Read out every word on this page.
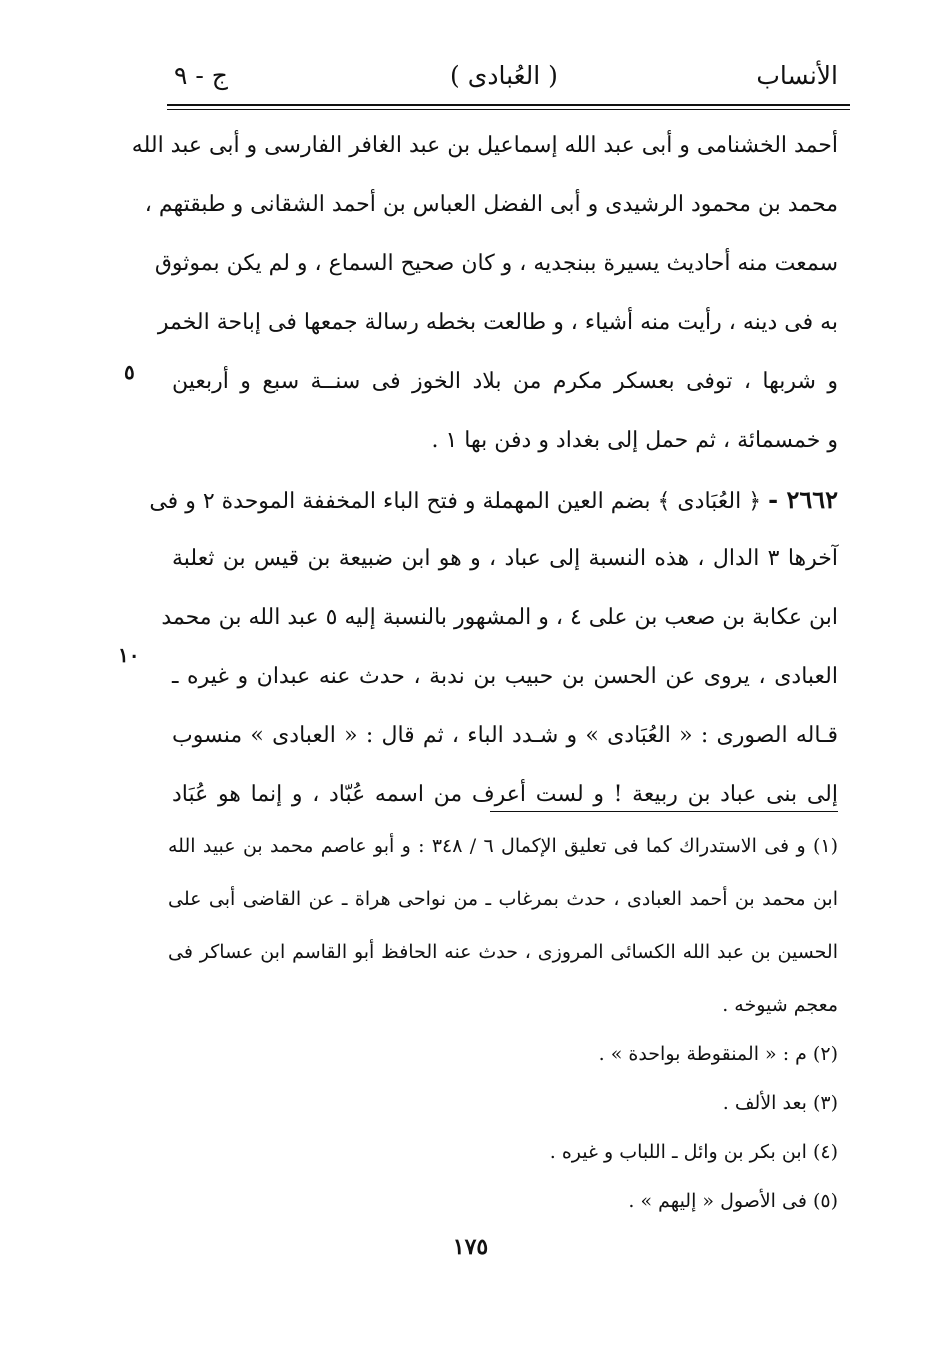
الأنساب
( العُبادى )
ج - ٩
أحمد الخشنامى و أبى عبد الله إسماعيل بن عبد الغافر الفارسى و أبى عبد الله
محمد بن محمود الرشيدى و أبى الفضل العباس بن أحمد الشقانى و طبقتهم ،
سمعت منه أحاديث يسيرة ببنجديه ، و كان صحيح السماع ، و لم يكن بموثوق
به فى دينه ، رأيت منه أشياء ، و طالعت بخطه رسالة جمعها فى إباحة الخمر
و شربها ، توفى بعسكر مكرم من بلاد الخوز فى سنــة سبع و أربعين
و خمسمائة ، ثم حمل إلى بغداد و دفن بها ١ .
٢٦٦٢ - ﴿ العُبَادى ﴾ بضم العين المهملة و فتح الباء المخففة الموحدة ٢ و فى
آخرها ٣ الدال ، هذه النسبة إلى عباد ، و هو ابن ضبيعة بن قيس بن ثعلبة
ابن عكابة بن صعب بن على ٤ ، و المشهور بالنسبة إليه ٥ عبد الله بن محمد
العبادى ، يروى عن الحسن بن حبيب بن ندبة ، حدث عنه عبدان و غيره ـ
قـاله الصورى : « العُبَادى » و شـدد الباء ، ثم قال : « العبادى » منسوب
إلى بنى عباد بن ربيعة ! و لست أعرف من اسمه عُبّاد ، و إنما هو عُبَاد
٥
١٠
(١) و فى الاستدراك كما فى تعليق الإكمال ٦ / ٣٤٨ : و أبو عاصم محمد بن عبيد الله
ابن محمد بن أحمد العبادى ، حدث بمرغاب ـ من نواحى هراة ـ عن القاضى أبى على
الحسين بن عبد الله الكسائى المروزى ، حدث عنه الحافظ أبو القاسم ابن عساكر فى
معجم شيوخه .
(٢) م : « المنقوطة بواحدة » .
(٣) بعد الألف .
(٤) ابن بكر بن وائل ـ اللباب و غيره .
(٥) فى الأصول « إليهم » .
١٧٥
